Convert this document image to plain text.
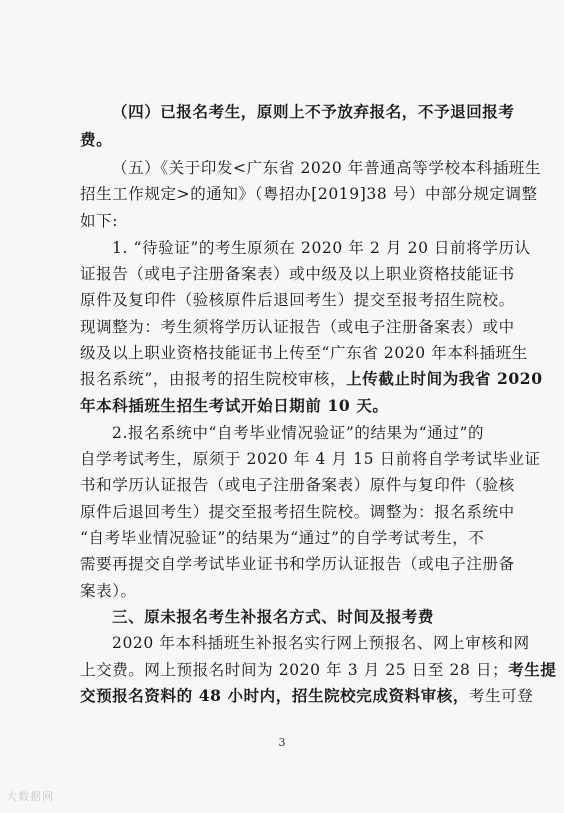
（四）已报名考生，原则上不予放弃报名，不予退回报考
费。
（五）《关于印发<广东省 2020 年普通高等学校本科插班生
招生工作规定>的通知》（粤招办[2019]38 号）中部分规定调整
如下:
1. “待验证”的考生原须在 2020 年 2 月 20 日前将学历认
证报告（或电子注册备案表）或中级及以上职业资格技能证书
原件及复印件（验核原件后退回考生）提交至报考招生院校。
现调整为：考生须将学历认证报告（或电子注册备案表）或中
级及以上职业资格技能证书上传至“广东省 2020 年本科插班生
报名系统”，由报考的招生院校审核，上传截止时间为我省 2020
年本科插班生招生考试开始日期前 10 天。
2.报名系统中“自考毕业情况验证”的结果为“通过”的
自学考试考生，原须于 2020 年 4 月 15 日前将自学考试毕业证
书和学历认证报告（或电子注册备案表）原件与复印件（验核
原件后退回考生）提交至报考招生院校。调整为：报名系统中
“自考毕业情况验证”的结果为“通过”的自学考试考生，不
需要再提交自学考试毕业证书和学历认证报告（或电子注册备
案表）。
三、原未报名考生补报名方式、时间及报考费
2020 年本科插班生补报名实行网上预报名、网上审核和网
上交费。网上预报名时间为 2020 年 3 月 25 日至 28 日；考生提
交预报名资料的 48 小时内，招生院校完成资料审核，考生可登
3
大数据网
